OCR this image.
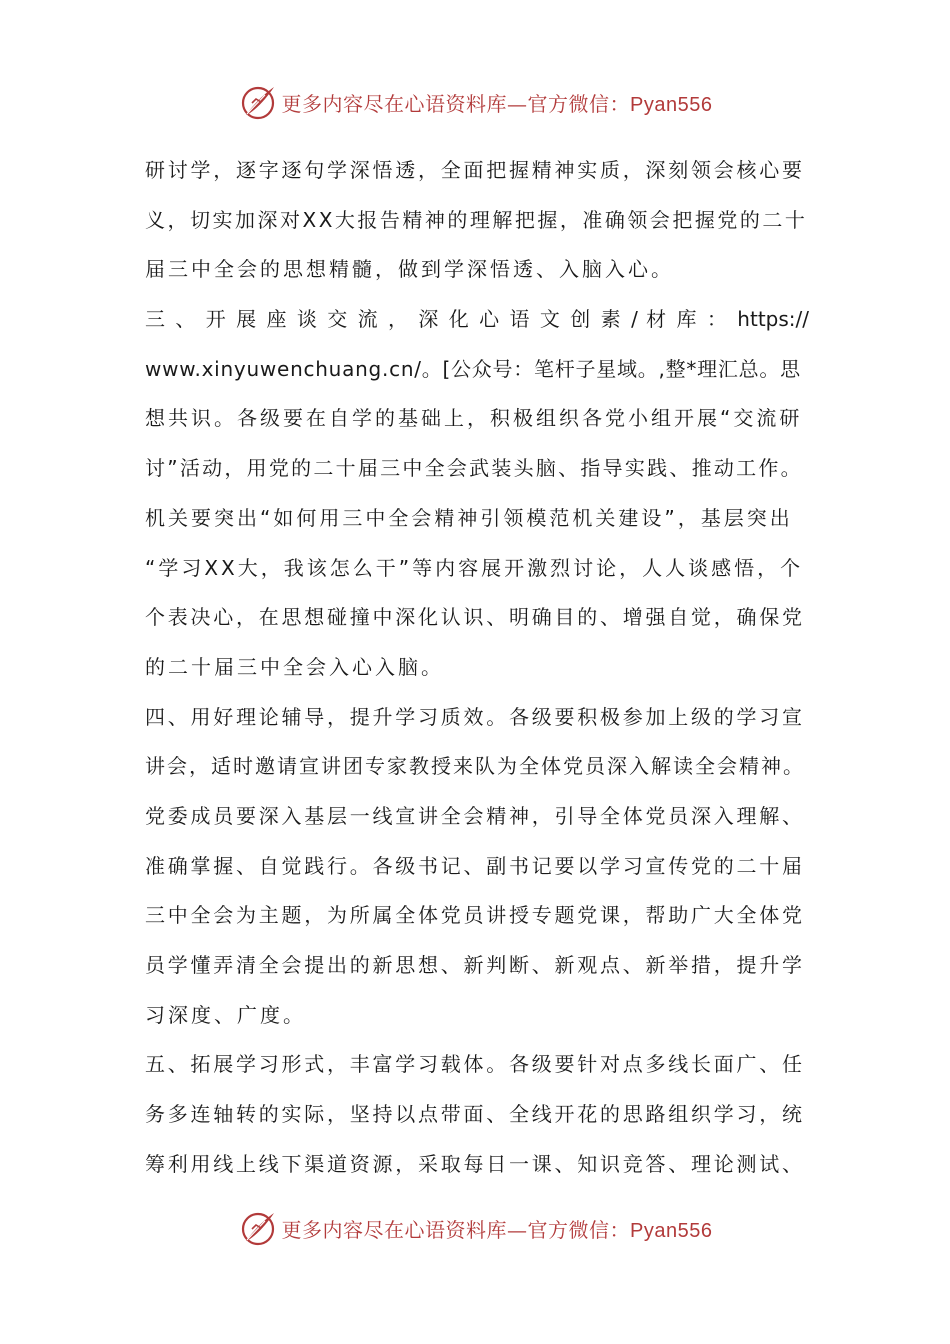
更多内容尽在心语资料库—官方微信：Pyan556
研讨学，逐字逐句学深悟透，全面把握精神实质，深刻领会核心要
义，切实加深对XX大报告精神的理解把握，准确领会把握党的二十
届三中全会的思想精髓，做到学深悟透、入脑入心。
三 、 开 展 座 谈 交 流 ， 深 化 心 语 文 创 素 / 材 库 ： https://
www.xinyuwenchuang.cn/。[公众号：笔杆子星域。,整*理汇总。思
想共识。各级要在自学的基础上，积极组织各党小组开展“交流研
讨”活动，用党的二十届三中全会武装头脑、指导实践、推动工作。
机关要突出“如何用三中全会精神引领模范机关建设”，基层突出
“学习XX大，我该怎么干”等内容展开激烈讨论，人人谈感悟，个
个表决心，在思想碰撞中深化认识、明确目的、增强自觉，确保党
的二十届三中全会入心入脑。
四、用好理论辅导，提升学习质效。各级要积极参加上级的学习宣
讲会，适时邀请宣讲团专家教授来队为全体党员深入解读全会精神。
党委成员要深入基层一线宣讲全会精神，引导全体党员深入理解、
准确掌握、自觉践行。各级书记、副书记要以学习宣传党的二十届
三中全会为主题，为所属全体党员讲授专题党课，帮助广大全体党
员学懂弄清全会提出的新思想、新判断、新观点、新举措，提升学
习深度、广度。
五、拓展学习形式，丰富学习载体。各级要针对点多线长面广、任
务多连轴转的实际，坚持以点带面、全线开花的思路组织学习，统
筹利用线上线下渠道资源，采取每日一课、知识竞答、理论测试、
更多内容尽在心语资料库—官方微信：Pyan556
